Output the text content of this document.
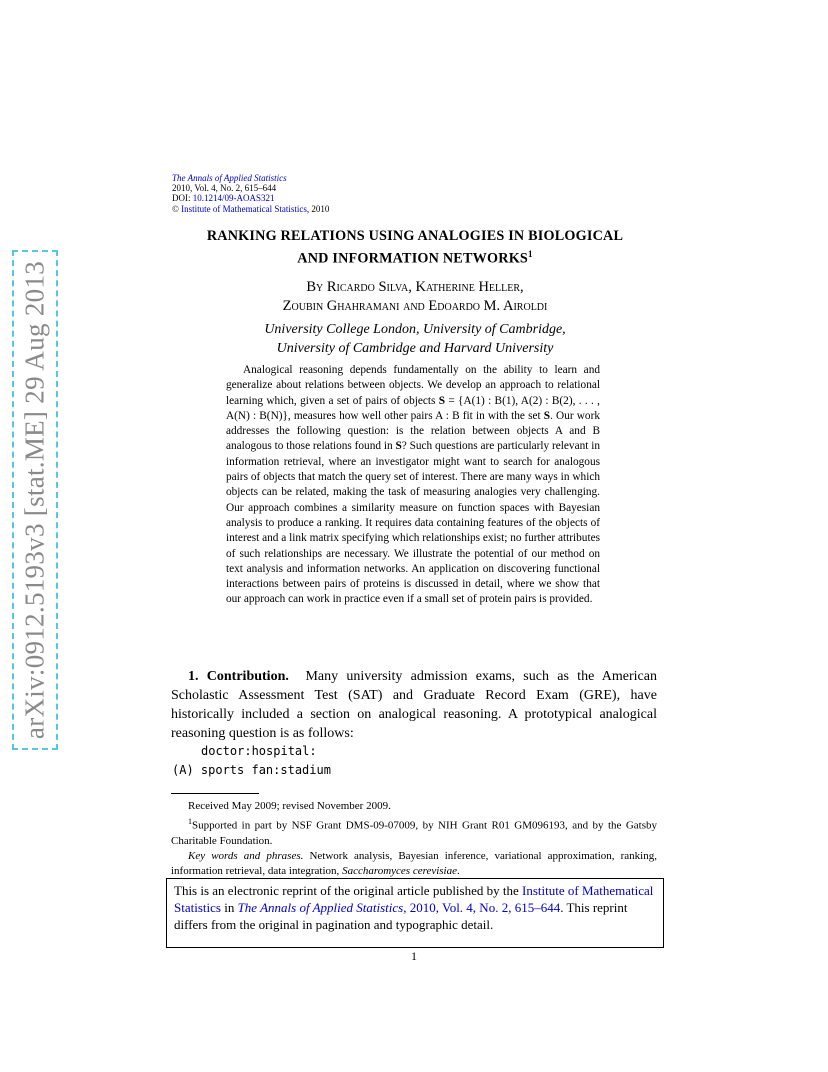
arXiv:0912.5193v3 [stat.ME] 29 Aug 2013
The Annals of Applied Statistics
2010, Vol. 4, No. 2, 615–644
DOI: 10.1214/09-AOAS321
© Institute of Mathematical Statistics, 2010
RANKING RELATIONS USING ANALOGIES IN BIOLOGICAL
AND INFORMATION NETWORKS$^1$
By Ricardo Silva, Katherine Heller,
Zoubin Ghahramani and Edoardo M. Airoldi
University College London, University of Cambridge,
University of Cambridge and Harvard University

Analogical reasoning depends fundamentally on the ability to learn and generalize about relations between objects. We develop an approach to relational learning which, given a set of pairs of objects S = {A(1) : B(1), A(2) : B(2), . . . , A(N) : B(N)}, measures how well other pairs A : B fit in with the set S. Our work addresses the following question: is the relation between objects A and B analogous to those relations found in S? Such questions are particularly relevant in information retrieval, where an investigator might want to search for analogous pairs of objects that match the query set of interest. There are many ways in which objects can be related, making the task of measuring analogies very challenging. Our approach combines a similarity measure on function spaces with Bayesian analysis to produce a ranking. It requires data containing features of the objects of interest and a link matrix specifying which relationships exist; no further attributes of such relationships are necessary. We illustrate the potential of our method on text analysis and information networks. An application on discovering functional interactions between pairs of proteins is discussed in detail, where we show that our approach can work in practice even if a small set of protein pairs is provided.

1. Contribution. Many university admission exams, such as the American Scholastic Assessment Test (SAT) and Graduate Record Exam (GRE), have historically included a section on analogical reasoning. A prototypical analogical reasoning question is as follows:

doctor:hospital:
(A) sports fan:stadium

Received May 2009; revised November 2009.

$^1$Supported in part by NSF Grant DMS-09-07009, by NIH Grant R01 GM096193, and by the Gatsby Charitable Foundation.

Key words and phrases. Network analysis, Bayesian inference, variational approximation, ranking, information retrieval, data integration, Saccharomyces cerevisiae.

This is an electronic reprint of the original article published by the Institute of Mathematical Statistics in The Annals of Applied Statistics, 2010, Vol. 4, No. 2, 615–644. This reprint differs from the original in pagination and typographic detail.
1
